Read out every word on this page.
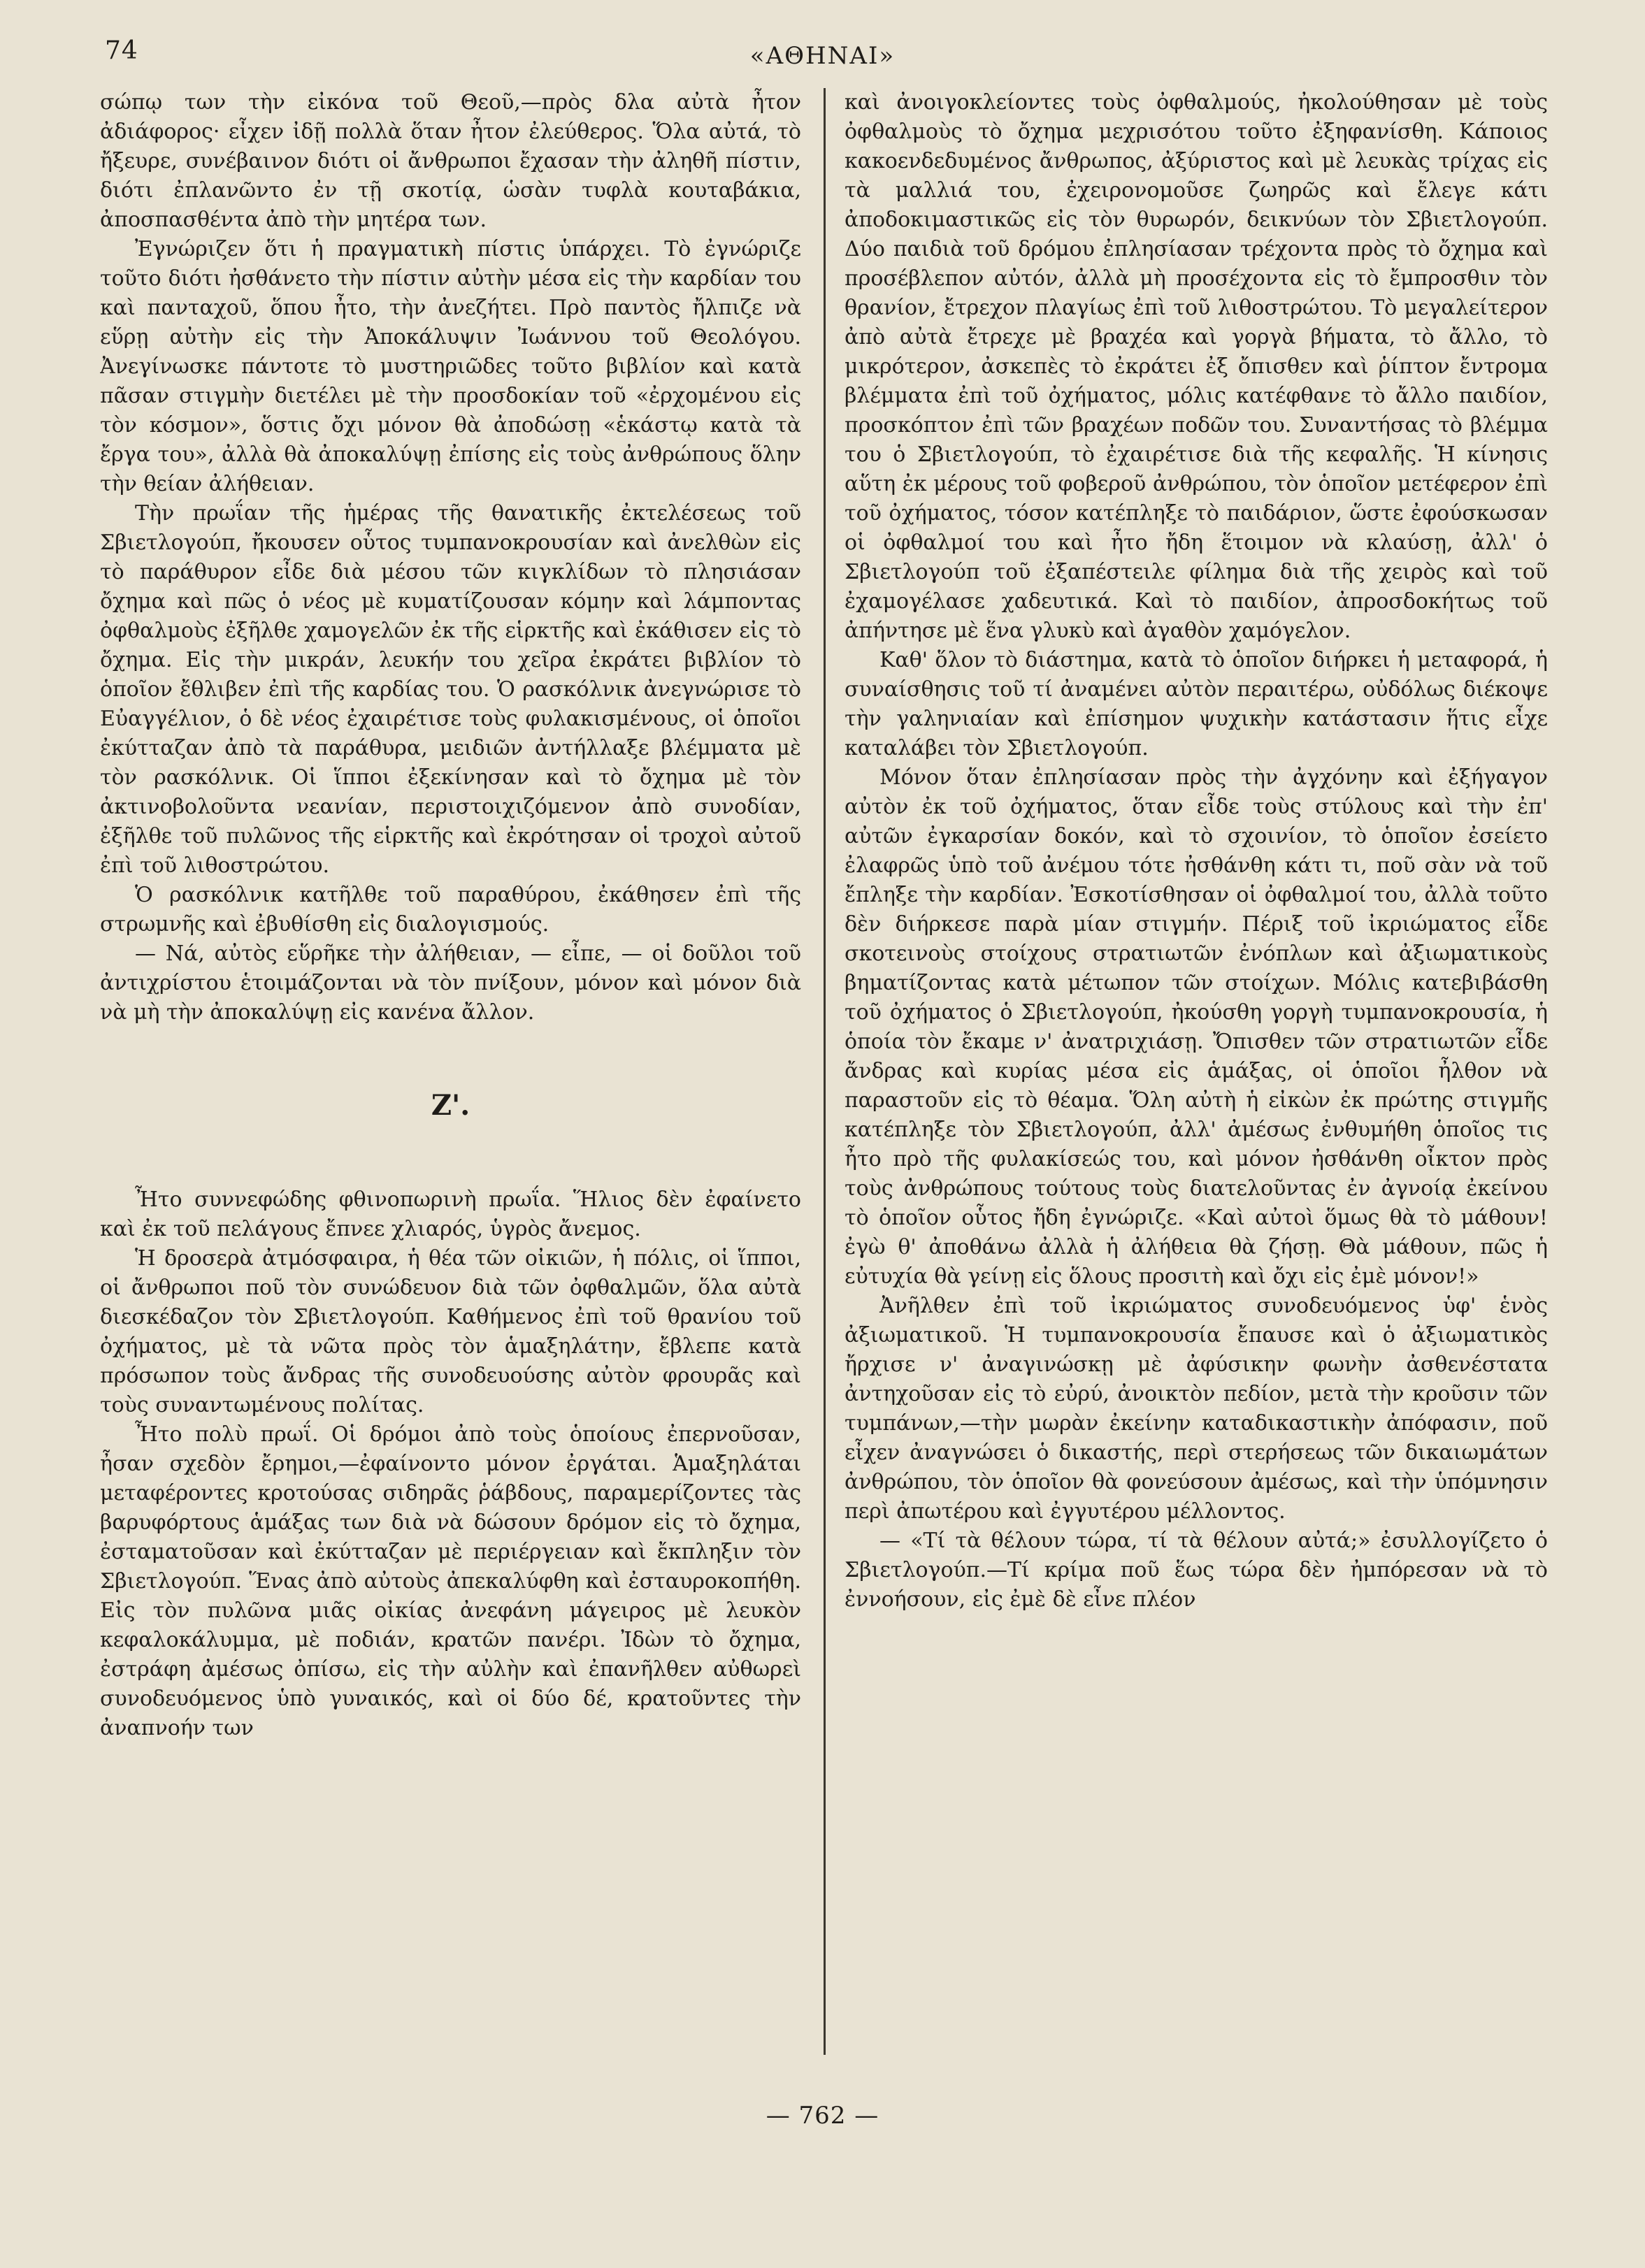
74	«ΑΘΗΝΑΙ»

σώπῳ των τὴν εἰκόνα τοῦ Θεοῦ,—πρὸς δλα αὐτὰ ἦτον ἀδιάφορος· εἶχεν ἰδῇ πολλὰ ὅταν ἦτον ἐλεύθερος. Ὅλα αὐτά, τὸ ἤξευρε, συνέβαινον διότι οἱ ἄνθρωποι ἔχασαν τὴν ἀληθῆ πίστιν, διότι ἐπλανῶντο ἐν τῇ σκοτίᾳ, ὡσὰν τυφλὰ κουταβάκια, ἀποσπασθέντα ἀπὸ τὴν μητέρα των.

Ἐγνώριζεν ὅτι ἡ πραγματικὴ πίστις ὑπάρχει. Τὸ ἐγνώριζε τοῦτο διότι ἠσθάνετο τὴν πίστιν αὐτὴν μέσα εἰς τὴν καρδίαν του καὶ πανταχοῦ, ὅπου ἦτο, τὴν ἀνεζήτει. Πρὸ παντὸς ἤλπιζε νὰ εὕρῃ αὐτὴν εἰς τὴν Ἀποκάλυψιν Ἰωάννου τοῦ Θεολόγου. Ἀνεγίνωσκε πάντοτε τὸ μυστηριῶδες τοῦτο βιβλίον καὶ κατὰ πᾶσαν στιγμὴν διετέλει μὲ τὴν προσδοκίαν τοῦ «ἐρχομένου εἰς τὸν κόσμον», ὅστις ὄχι μόνον θὰ ἀποδώσῃ «ἑκάστῳ κατὰ τὰ ἔργα του», ἀλλὰ θὰ ἀποκαλύψῃ ἐπίσης εἰς τοὺς ἀνθρώπους ὅλην τὴν θείαν ἀλήθειαν.

Τὴν πρωΐαν τῆς ἡμέρας τῆς θανατικῆς ἐκτελέσεως τοῦ Σβιετλογούπ, ἤκουσεν οὗτος τυμπανοκρουσίαν καὶ ἀνελθὼν εἰς τὸ παράθυρον εἶδε διὰ μέσου τῶν κιγκλίδων τὸ πλησιάσαν ὄχημα καὶ πῶς ὁ νέος μὲ κυματίζουσαν κόμην καὶ λάμποντας ὀφθαλμοὺς ἐξῆλθε χαμογελῶν ἐκ τῆς εἱρκτῆς καὶ ἐκάθισεν εἰς τὸ ὄχημα. Εἰς τὴν μικράν, λευκήν του χεῖρα ἐκράτει βιβλίον τὸ ὁποῖον ἔθλιβεν ἐπὶ τῆς καρδίας του. Ὁ ρασκόλνικ ἀνεγνώρισε τὸ Εὐαγγέλιον, ὁ δὲ νέος ἐχαιρέτισε τοὺς φυλακισμένους, οἱ ὁποῖοι ἐκύτταζαν ἀπὸ τὰ παράθυρα, μειδιῶν ἀντήλλαξε βλέμματα μὲ τὸν ρασκόλνικ. Οἱ ἵπποι ἐξεκίνησαν καὶ τὸ ὄχημα μὲ τὸν ἀκτινοβολοῦντα νεανίαν, περιστοιχιζόμενον ἀπὸ συνοδίαν, ἐξῆλθε τοῦ πυλῶνος τῆς εἱρκτῆς καὶ ἐκρότησαν οἱ τροχοὶ αὐτοῦ ἐπὶ τοῦ λιθοστρώτου.

Ὁ ρασκόλνικ κατῆλθε τοῦ παραθύρου, ἐκάθησεν ἐπὶ τῆς στρωμνῆς καὶ ἐβυθίσθη εἰς διαλογισμούς.

— Νά, αὐτὸς εὕρῆκε τὴν ἀλήθειαν, — εἶπε, — οἱ δοῦλοι τοῦ ἀντιχρίστου ἑτοιμάζονται νὰ τὸν πνίξουν, μόνον καὶ μόνον διὰ νὰ μὴ τὴν ἀποκαλύψῃ εἰς κανένα ἄλλον.

Ζ'.

Ἦτο συννεφώδης φθινοπωρινὴ πρωΐα. Ἥλιος δὲν ἐφαίνετο καὶ ἐκ τοῦ πελάγους ἔπνεε χλιαρός, ὑγρὸς ἄνεμος.

Ἡ δροσερὰ ἀτμόσφαιρα, ἡ θέα τῶν οἰκιῶν, ἡ πόλις, οἱ ἵπποι, οἱ ἄνθρωποι ποῦ τὸν συνώδευον διὰ τῶν ὀφθαλμῶν, ὅλα αὐτὰ διεσκέδαζον τὸν Σβιετλογούπ. Καθήμενος ἐπὶ τοῦ θρανίου τοῦ ὀχήματος, μὲ τὰ νῶτα πρὸς τὸν ἁμαξηλάτην, ἔβλεπε κατὰ πρόσωπον τοὺς ἄνδρας τῆς συνοδευούσης αὐτὸν φρουρᾶς καὶ τοὺς συναντωμένους πολίτας.

Ἦτο πολὺ πρωΐ. Οἱ δρόμοι ἀπὸ τοὺς ὁποίους ἐπερνοῦσαν, ἦσαν σχεδὸν ἔρημοι,—ἐφαίνοντο μόνον ἐργάται. Ἁμαξηλάται μεταφέροντες κροτούσας σιδηρᾶς ῥάβδους, παραμερίζοντες τὰς βαρυφόρτους ἁμάξας των διὰ νὰ δώσουν δρόμον εἰς τὸ ὄχημα, ἐσταματοῦσαν καὶ ἐκύτταζαν μὲ περιέργειαν καὶ ἔκπληξιν τὸν Σβιετλογούπ. Ἕνας ἀπὸ αὐτοὺς ἀπεκαλύφθη καὶ ἐσταυροκοπήθη. Εἰς τὸν πυλῶνα μιᾶς οἰκίας ἀνεφάνη μάγειρος μὲ λευκὸν κεφαλοκάλυμμα, μὲ ποδιάν, κρατῶν πανέρι. Ἰδὼν τὸ ὄχημα, ἐστράφη ἀμέσως ὀπίσω, εἰς τὴν αὐλὴν καὶ ἐπανῆλθεν αὐθωρεὶ συνοδευόμενος ὑπὸ γυναικός, καὶ οἱ δύο δέ, κρατοῦντες τὴν ἀναπνοήν των

καὶ ἀνοιγοκλείοντες τοὺς ὀφθαλμούς, ἠκολούθησαν μὲ τοὺς ὀφθαλμοὺς τὸ ὄχημα μεχρισότου τοῦτο ἐξηφανίσθη. Κάποιος κακοενδεδυμένος ἄνθρωπος, ἀξύριστος καὶ μὲ λευκὰς τρίχας εἰς τὰ μαλλιά του, ἐχειρονομοῦσε ζωηρῶς καὶ ἔλεγε κάτι ἀποδοκιμαστικῶς εἰς τὸν θυρωρόν, δεικνύων τὸν Σβιετλογούπ. Δύο παιδιὰ τοῦ δρόμου ἐπλησίασαν τρέχοντα πρὸς τὸ ὄχημα καὶ προσέβλεπον αὐτόν, ἀλλὰ μὴ προσέχοντα εἰς τὸ ἔμπροσθιν τὸν θρανίον, ἔτρεχον πλαγίως ἐπὶ τοῦ λιθοστρώτου. Τὸ μεγαλείτερον ἀπὸ αὐτὰ ἔτρεχε μὲ βραχέα καὶ γοργὰ βήματα, τὸ ἄλλο, τὸ μικρότερον, ἀσκεπὲς τὸ ἐκράτει ἐξ ὄπισθεν καὶ ῥίπτον ἔντρομα βλέμματα ἐπὶ τοῦ ὀχήματος, μόλις κατέφθανε τὸ ἄλλο παιδίον, προσκόπτον ἐπὶ τῶν βραχέων ποδῶν του. Συναντήσας τὸ βλέμμα του ὁ Σβιετλογούπ, τὸ ἐχαιρέτισε διὰ τῆς κεφαλῆς. Ἡ κίνησις αὕτη ἐκ μέρους τοῦ φοβεροῦ ἀνθρώπου, τὸν ὁποῖον μετέφερον ἐπὶ τοῦ ὀχήματος, τόσον κατέπληξε τὸ παιδάριον, ὥστε ἐφούσκωσαν οἱ ὀφθαλμοί του καὶ ἦτο ἤδη ἕτοιμον νὰ κλαύσῃ, ἀλλ' ὁ Σβιετλογούπ τοῦ ἐξαπέστειλε φίλημα διὰ τῆς χειρὸς καὶ τοῦ ἐχαμογέλασε χαδευτικά. Καὶ τὸ παιδίον, ἀπροσδοκήτως τοῦ ἀπήντησε μὲ ἕνα γλυκὺ καὶ ἀγαθὸν χαμόγελον.

Καθ' ὅλον τὸ διάστημα, κατὰ τὸ ὁποῖον διήρκει ἡ μεταφορά, ἡ συναίσθησις τοῦ τί ἀναμένει αὐτὸν περαιτέρω, οὐδόλως διέκοψε τὴν γαληνιαίαν καὶ ἐπίσημον ψυχικὴν κατάστασιν ἥτις εἶχε καταλάβει τὸν Σβιετλογούπ.

Μόνον ὅταν ἐπλησίασαν πρὸς τὴν ἀγχόνην καὶ ἐξήγαγον αὐτὸν ἐκ τοῦ ὀχήματος, ὅταν εἶδε τοὺς στύλους καὶ τὴν ἐπ' αὐτῶν ἐγκαρσίαν δοκόν, καὶ τὸ σχοινίον, τὸ ὁποῖον ἐσείετο ἐλαφρῶς ὑπὸ τοῦ ἀνέμου τότε ἠσθάνθη κάτι τι, ποῦ σὰν νὰ τοῦ ἔπληξε τὴν καρδίαν. Ἐσκοτίσθησαν οἱ ὀφθαλμοί του, ἀλλὰ τοῦτο δὲν διήρκεσε παρὰ μίαν στιγμήν. Πέριξ τοῦ ἰκριώματος εἶδε σκοτεινοὺς στοίχους στρατιωτῶν ἐνόπλων καὶ ἀξιωματικοὺς βηματίζοντας κατὰ μέτωπον τῶν στοίχων. Μόλις κατεβιβάσθη τοῦ ὀχήματος ὁ Σβιετλογούπ, ἠκούσθη γοργὴ τυμπανοκρουσία, ἡ ὁποία τὸν ἔκαμε ν' ἀνατριχιάσῃ. Ὄπισθεν τῶν στρατιωτῶν εἶδε ἄνδρας καὶ κυρίας μέσα εἰς ἁμάξας, οἱ ὁποῖοι ἦλθον νὰ παραστοῦν εἰς τὸ θέαμα. Ὅλη αὐτὴ ἡ εἰκὼν ἐκ πρώτης στιγμῆς κατέπληξε τὸν Σβιετλογούπ, ἀλλ' ἀμέσως ἐνθυμήθη ὁποῖος τις ἦτο πρὸ τῆς φυλακίσεώς του, καὶ μόνον ἠσθάνθη οἶκτον πρὸς τοὺς ἀνθρώπους τούτους τοὺς διατελοῦντας ἐν ἀγνοίᾳ ἐκείνου τὸ ὁποῖον οὗτος ἤδη ἐγνώριζε. «Καὶ αὐτοὶ ὅμως θὰ τὸ μάθουν! ἐγὼ θ' ἀποθάνω ἀλλὰ ἡ ἀλήθεια θὰ ζήσῃ. Θὰ μάθουν, πῶς ἡ εὐτυχία θὰ γείνῃ εἰς ὅλους προσιτὴ καὶ ὄχι εἰς ἐμὲ μόνον!»

Ἀνῆλθεν ἐπὶ τοῦ ἰκριώματος συνοδευόμενος ὑφ' ἑνὸς ἀξιωματικοῦ. Ἡ τυμπανοκρουσία ἔπαυσε καὶ ὁ ἀξιωματικὸς ἤρχισε ν' ἀναγινώσκῃ μὲ ἀφύσικην φωνὴν ἀσθενέστατα ἀντηχοῦσαν εἰς τὸ εὐρύ, ἀνοικτὸν πεδίον, μετὰ τὴν κροῦσιν τῶν τυμπάνων,—τὴν μωρὰν ἐκείνην καταδικαστικὴν ἀπόφασιν, ποῦ εἶχεν ἀναγνώσει ὁ δικαστής, περὶ στερήσεως τῶν δικαιωμάτων ἀνθρώπου, τὸν ὁποῖον θὰ φονεύσουν ἀμέσως, καὶ τὴν ὑπόμνησιν περὶ ἀπωτέρου καὶ ἐγγυτέρου μέλλοντος.

— «Τί τὰ θέλουν τώρα, τί τὰ θέλουν αὐτά;» ἐσυλλογίζετο ὁ Σβιετλογούπ.—Τί κρίμα ποῦ ἕως τώρα δὲν ἠμπόρεσαν νὰ τὸ ἐννοήσουν, εἰς ἐμὲ δὲ εἶνε πλέον

— 762 —
